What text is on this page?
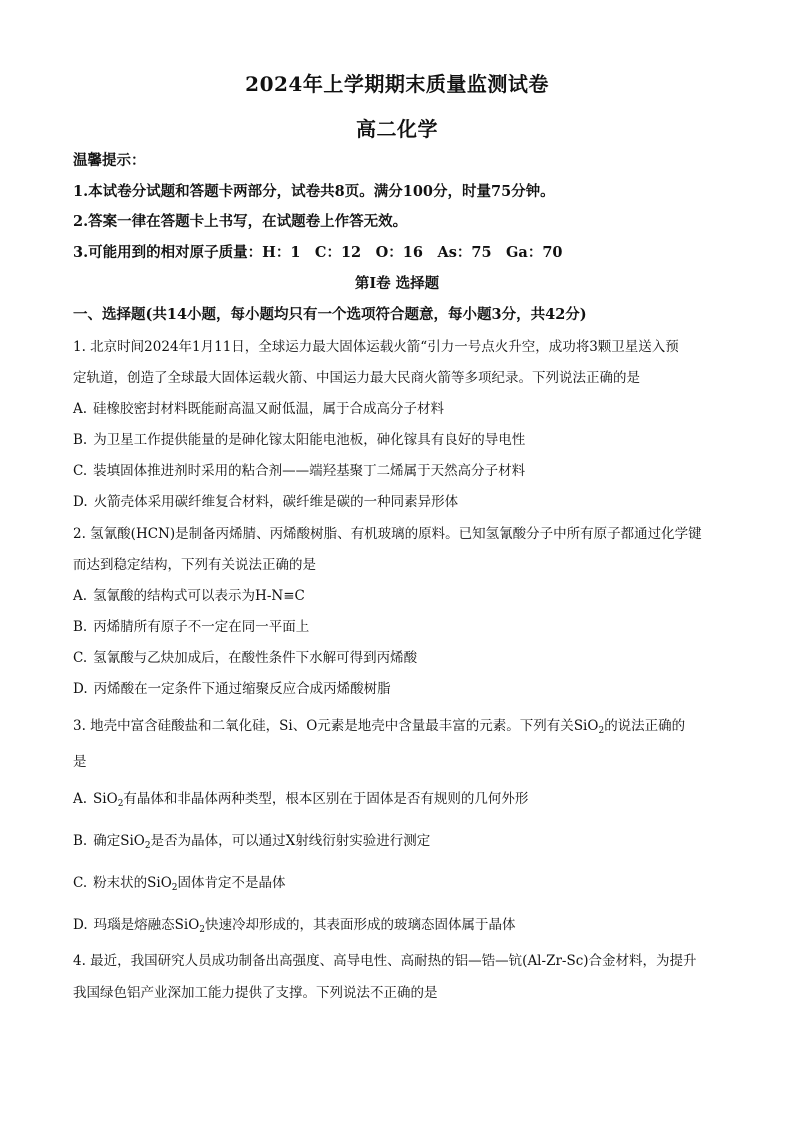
2024年上学期期末质量监测试卷
高二化学
温馨提示：
1.本试卷分试题和答题卡两部分，试卷共8页。满分100分，时量75分钟。
2.答案一律在答题卡上书写，在试题卷上作答无效。
3.可能用到的相对原子质量：H：1　C：12　O：16　As：75　Ga：70
第Ⅰ卷 选择题
一、选择题(共14小题，每小题均只有一个选项符合题意，每小题3分，共42分)
1. 北京时间2024年1月11日，全球运力最大固体运载火箭“引力一号点火升空，成功将3颗卫星送入预
定轨道，创造了全球最大固体运载火箭、中国运力最大民商火箭等多项纪录。下列说法正确的是
A. 硅橡胶密封材料既能耐高温又耐低温，属于合成高分子材料
B. 为卫星工作提供能量的是砷化镓太阳能电池板，砷化镓具有良好的导电性
C. 装填固体推进剂时采用的粘合剂——端羟基聚丁二烯属于天然高分子材料
D. 火箭壳体采用碳纤维复合材料，碳纤维是碳的一种同素异形体
2. 氢氰酸(HCN)是制备丙烯腈、丙烯酸树脂、有机玻璃的原料。已知氢氰酸分子中所有原子都通过化学键
而达到稳定结构，下列有关说法正确的是
A. 氢氰酸的结构式可以表示为H-N≡C
B. 丙烯腈所有原子不一定在同一平面上
C. 氢氰酸与乙炔加成后，在酸性条件下水解可得到丙烯酸
D. 丙烯酸在一定条件下通过缩聚反应合成丙烯酸树脂
3. 地壳中富含硅酸盐和二氧化硅，Si、O元素是地壳中含量最丰富的元素。下列有关SiO$_2$的说法正确的
是
A. SiO$_2$有晶体和非晶体两种类型，根本区别在于固体是否有规则的几何外形
B. 确定SiO$_2$是否为晶体，可以通过X射线衍射实验进行测定
C. 粉末状的SiO$_2$固体肯定不是晶体
D. 玛瑙是熔融态SiO$_2$快速冷却形成的，其表面形成的玻璃态固体属于晶体
4. 最近，我国研究人员成功制备出高强度、高导电性、高耐热的铝—锆—钪(Al-Zr-Sc)合金材料，为提升
我国绿色铝产业深加工能力提供了支撑。下列说法不正确的是
